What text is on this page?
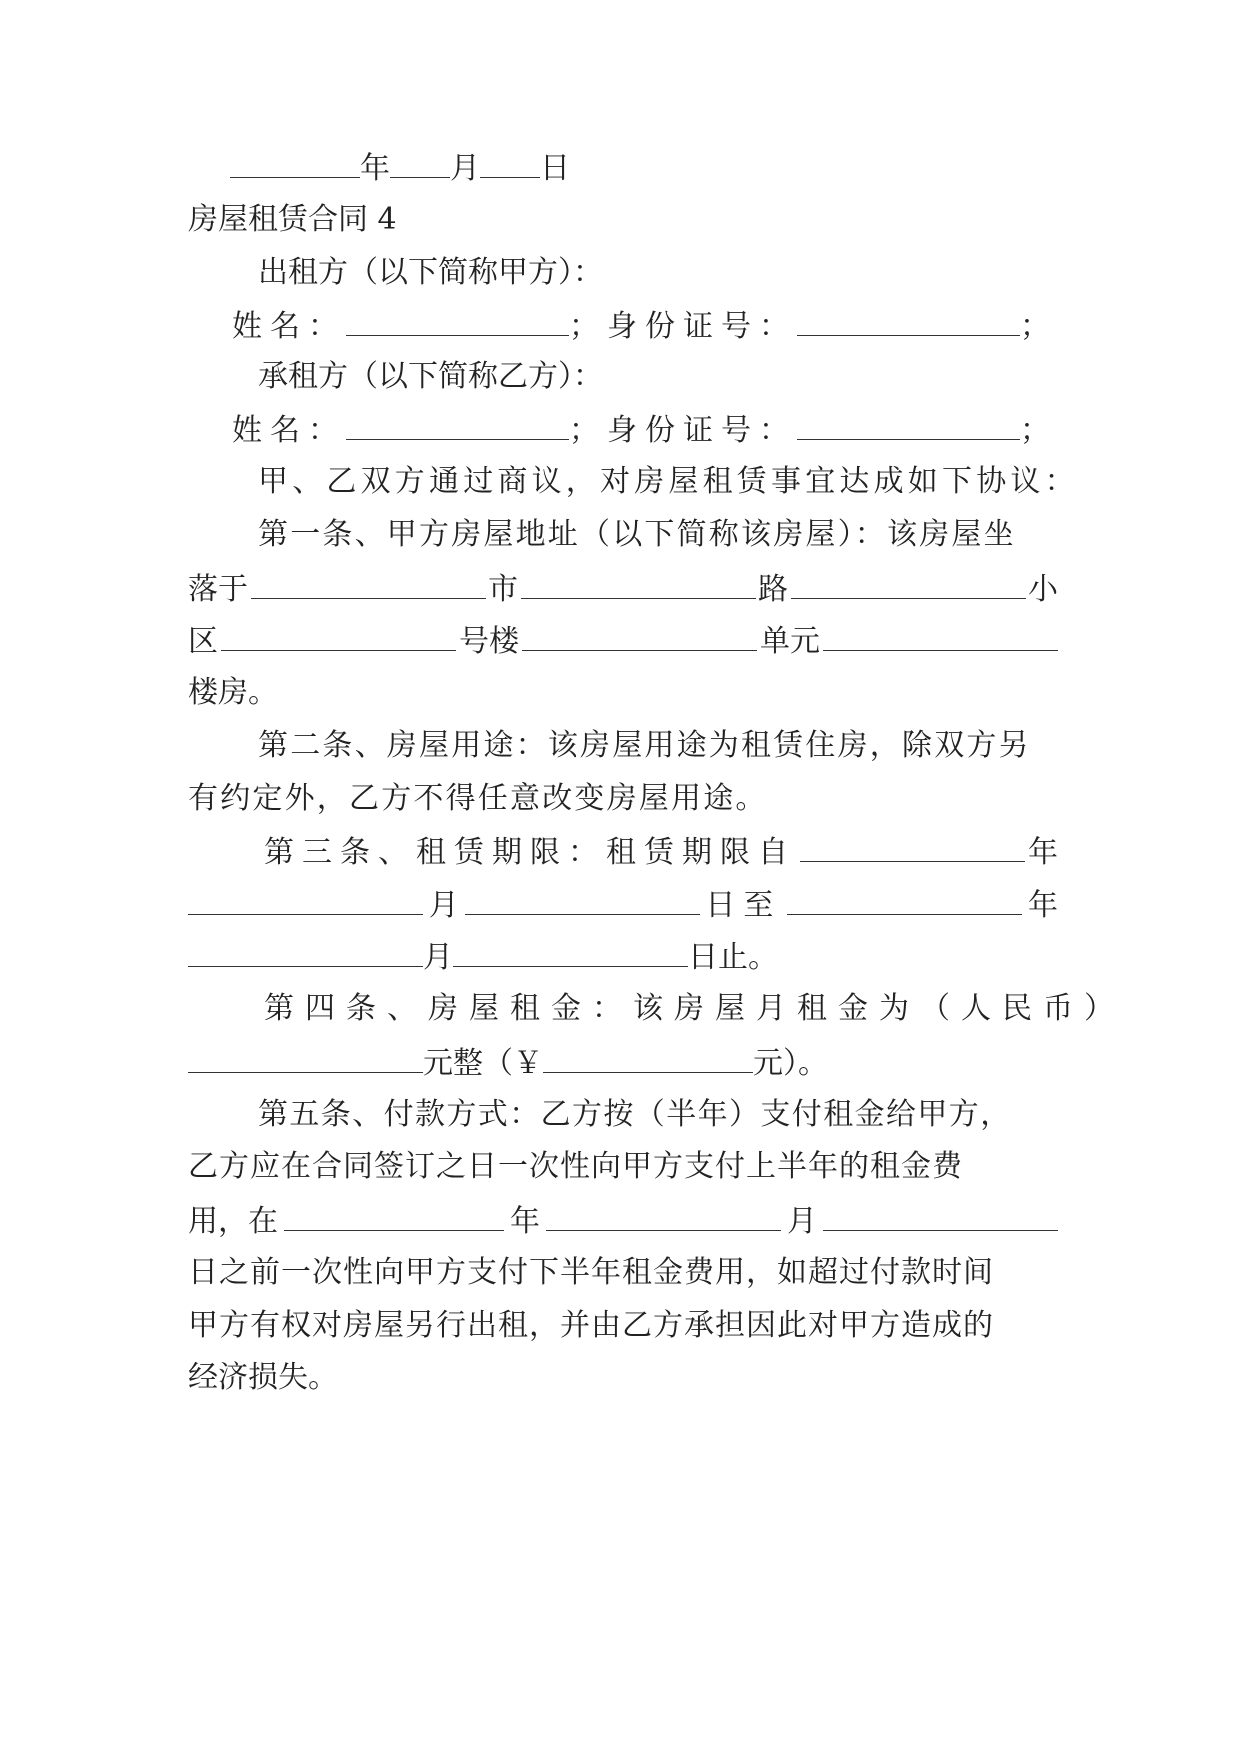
年 月 日
房屋租赁合同 4
出租方（以下简称甲方）：
姓名：	； 身份证号：	；
承租方（以下简称乙方）：
姓名：	； 身份证号：	；
甲、乙双方通过商议，对房屋租赁事宜达成如下协议：
第一条、甲方房屋地址（以下简称该房屋）：该房屋坐
落于	市	路	小
区	号楼	单元
楼房。
第二条、房屋用途：该房屋用途为租赁住房，除双方另
有约定外，乙方不得任意改变房屋用途。
第三条、租赁期限：租赁期限自	年
月	日至	年
月	日止。
第四条、房屋租金：该房屋月租金为（人民币）
元整（￥	元）。
第五条、付款方式：乙方按（半年）支付租金给甲方，
乙方应在合同签订之日一次性向甲方支付上半年的租金费
用，在	年	月
日之前一次性向甲方支付下半年租金费用，如超过付款时间
甲方有权对房屋另行出租，并由乙方承担因此对甲方造成的
经济损失。
